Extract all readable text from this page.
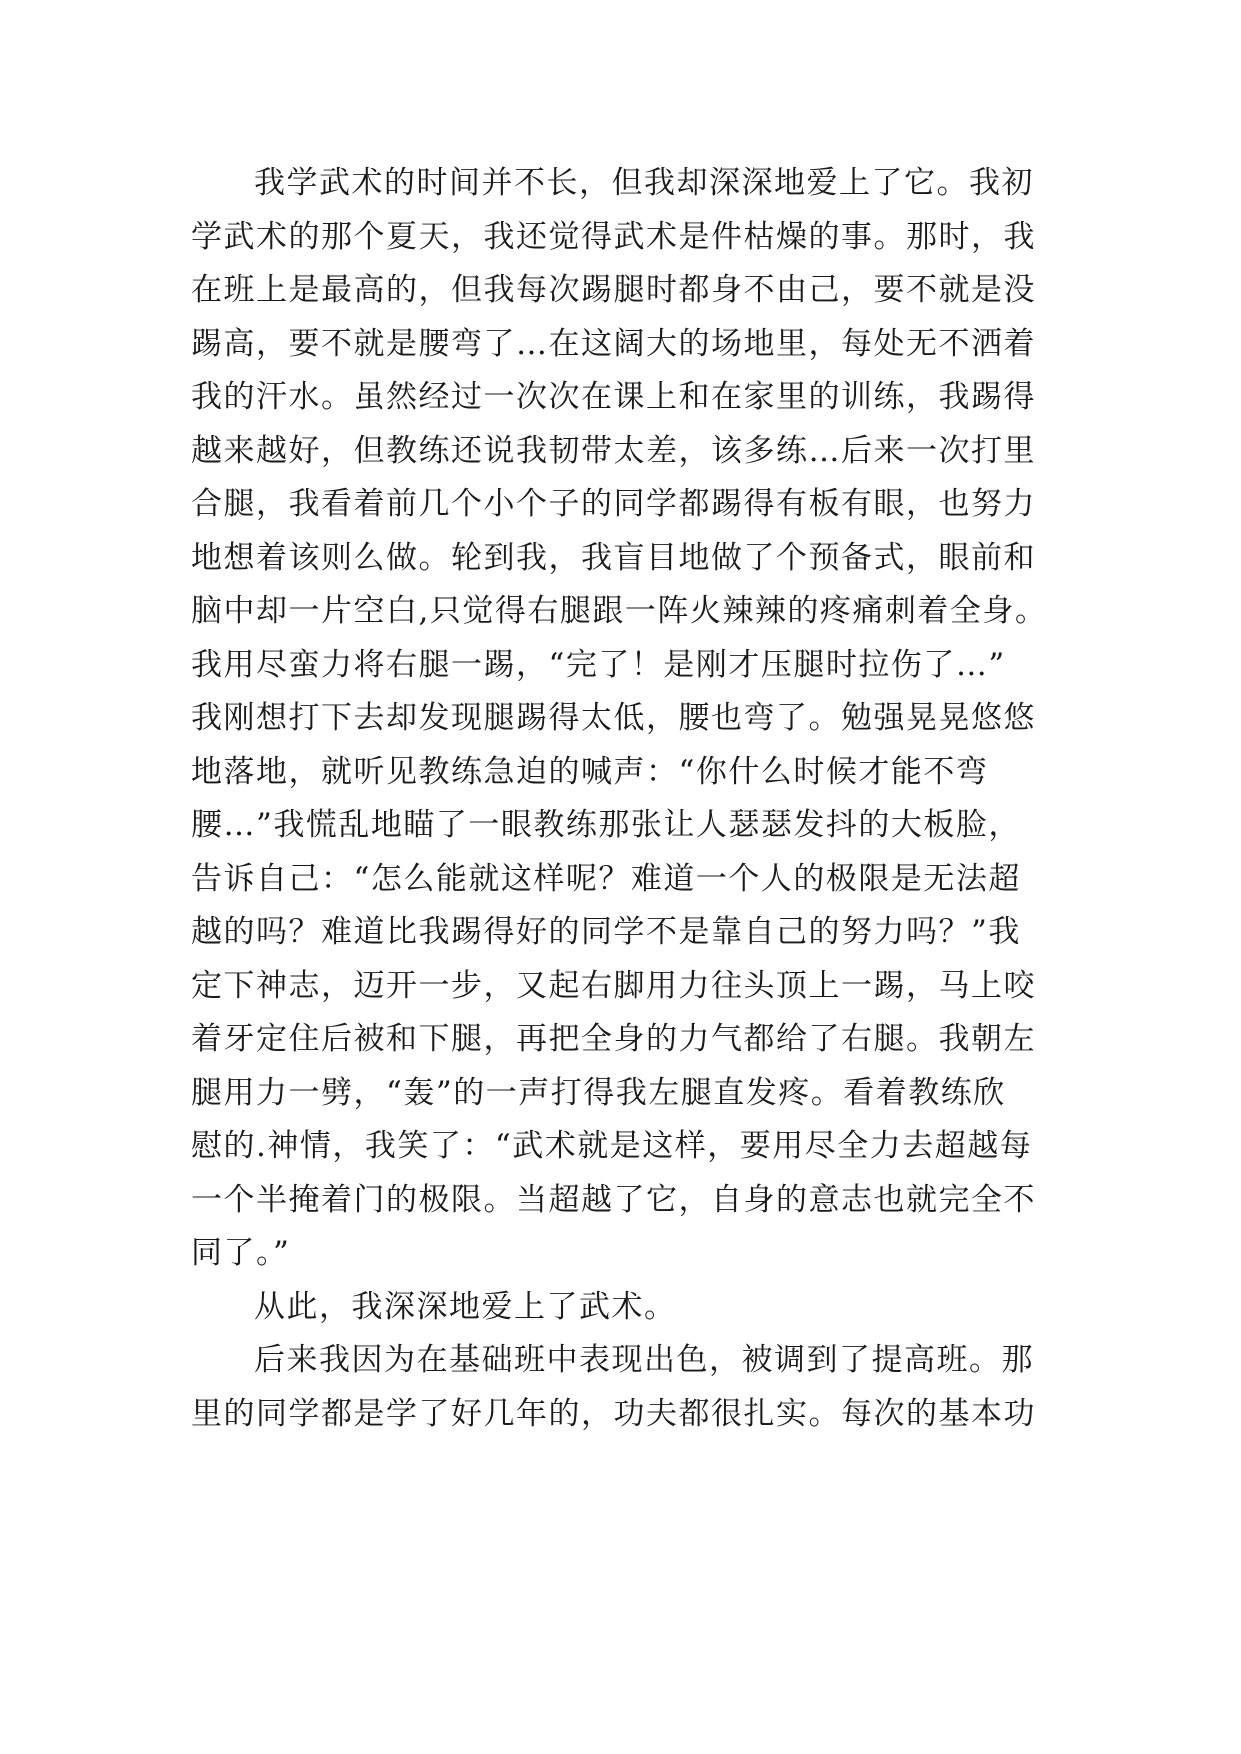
我学武术的时间并不长，但我却深深地爱上了它。我初
学武术的那个夏天，我还觉得武术是件枯燥的事。那时，我
在班上是最高的，但我每次踢腿时都身不由己，要不就是没
踢高，要不就是腰弯了…在这阔大的场地里，每处无不洒着
我的汗水。虽然经过一次次在课上和在家里的训练，我踢得
越来越好，但教练还说我韧带太差，该多练…后来一次打里
合腿，我看着前几个小个子的同学都踢得有板有眼，也努力
地想着该则么做。轮到我，我盲目地做了个预备式，眼前和
脑中却一片空白,只觉得右腿跟一阵火辣辣的疼痛刺着全身。
我用尽蛮力将右腿一踢，“完了！是刚才压腿时拉伤了…”
我刚想打下去却发现腿踢得太低，腰也弯了。勉强晃晃悠悠
地落地，就听见教练急迫的喊声：“你什么时候才能不弯
腰…”我慌乱地瞄了一眼教练那张让人瑟瑟发抖的大板脸，
告诉自己：“怎么能就这样呢？难道一个人的极限是无法超
越的吗？难道比我踢得好的同学不是靠自己的努力吗？”我
定下神志，迈开一步，又起右脚用力往头顶上一踢，马上咬
着牙定住后被和下腿，再把全身的力气都给了右腿。我朝左
腿用力一劈，“轰”的一声打得我左腿直发疼。看着教练欣
慰的.神情，我笑了：“武术就是这样，要用尽全力去超越每
一个半掩着门的极限。当超越了它，自身的意志也就完全不
同了。”
从此，我深深地爱上了武术。
后来我因为在基础班中表现出色，被调到了提高班。那
里的同学都是学了好几年的，功夫都很扎实。每次的基本功
